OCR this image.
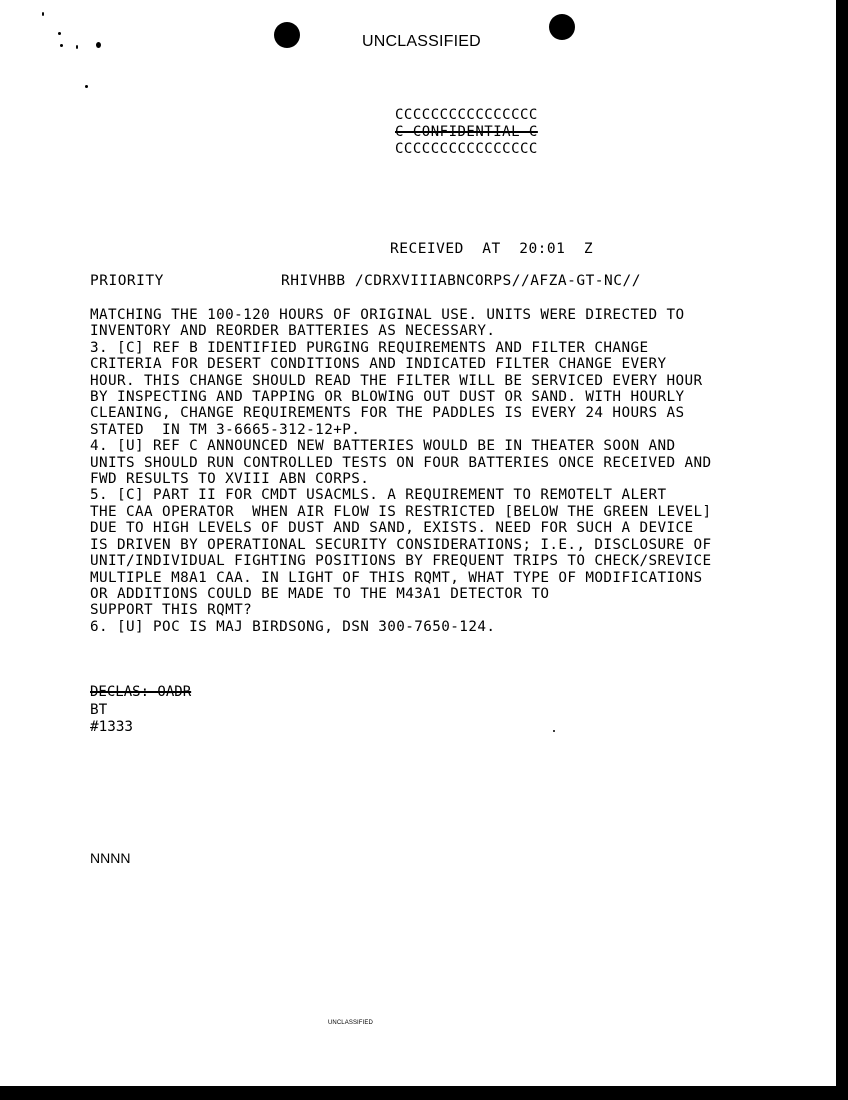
UNCLASSIFIED
CCCCCCCCCCCCCCCC
C CONFIDENTIAL C
CCCCCCCCCCCCCCCC
RECEIVED  AT  20:01  Z
PRIORITY	RHIVHBB /CDRXVIIIABNCORPS//AFZA-GT-NC//
MATCHING THE 100-120 HOURS OF ORIGINAL USE. UNITS WERE DIRECTED TO
INVENTORY AND REORDER BATTERIES AS NECESSARY.
3. [C] REF B IDENTIFIED PURGING REQUIREMENTS AND FILTER CHANGE
CRITERIA FOR DESERT CONDITIONS AND INDICATED FILTER CHANGE EVERY
HOUR. THIS CHANGE SHOULD READ THE FILTER WILL BE SERVICED EVERY HOUR
BY INSPECTING AND TAPPING OR BLOWING OUT DUST OR SAND. WITH HOURLY
CLEANING, CHANGE REQUIREMENTS FOR THE PADDLES IS EVERY 24 HOURS AS
STATED  IN TM 3-6665-312-12+P.
4. [U] REF C ANNOUNCED NEW BATTERIES WOULD BE IN THEATER SOON AND
UNITS SHOULD RUN CONTROLLED TESTS ON FOUR BATTERIES ONCE RECEIVED AND
FWD RESULTS TO XVIII ABN CORPS.
5. [C] PART II FOR CMDT USACMLS. A REQUIREMENT TO REMOTELT ALERT
THE CAA OPERATOR  WHEN AIR FLOW IS RESTRICTED [BELOW THE GREEN LEVEL]
DUE TO HIGH LEVELS OF DUST AND SAND, EXISTS. NEED FOR SUCH A DEVICE
IS DRIVEN BY OPERATIONAL SECURITY CONSIDERATIONS; I.E., DISCLOSURE OF
UNIT/INDIVIDUAL FIGHTING POSITIONS BY FREQUENT TRIPS TO CHECK/SREVICE
MULTIPLE M8A1 CAA. IN LIGHT OF THIS RQMT, WHAT TYPE OF MODIFICATIONS
OR ADDITIONS COULD BE MADE TO THE M43A1 DETECTOR TO
SUPPORT THIS RQMT?
6. [U] POC IS MAJ BIRDSONG, DSN 300-7650-124.
DECLAS: OADR
BT
#1333
NNNN
UNCLASSIFIED
